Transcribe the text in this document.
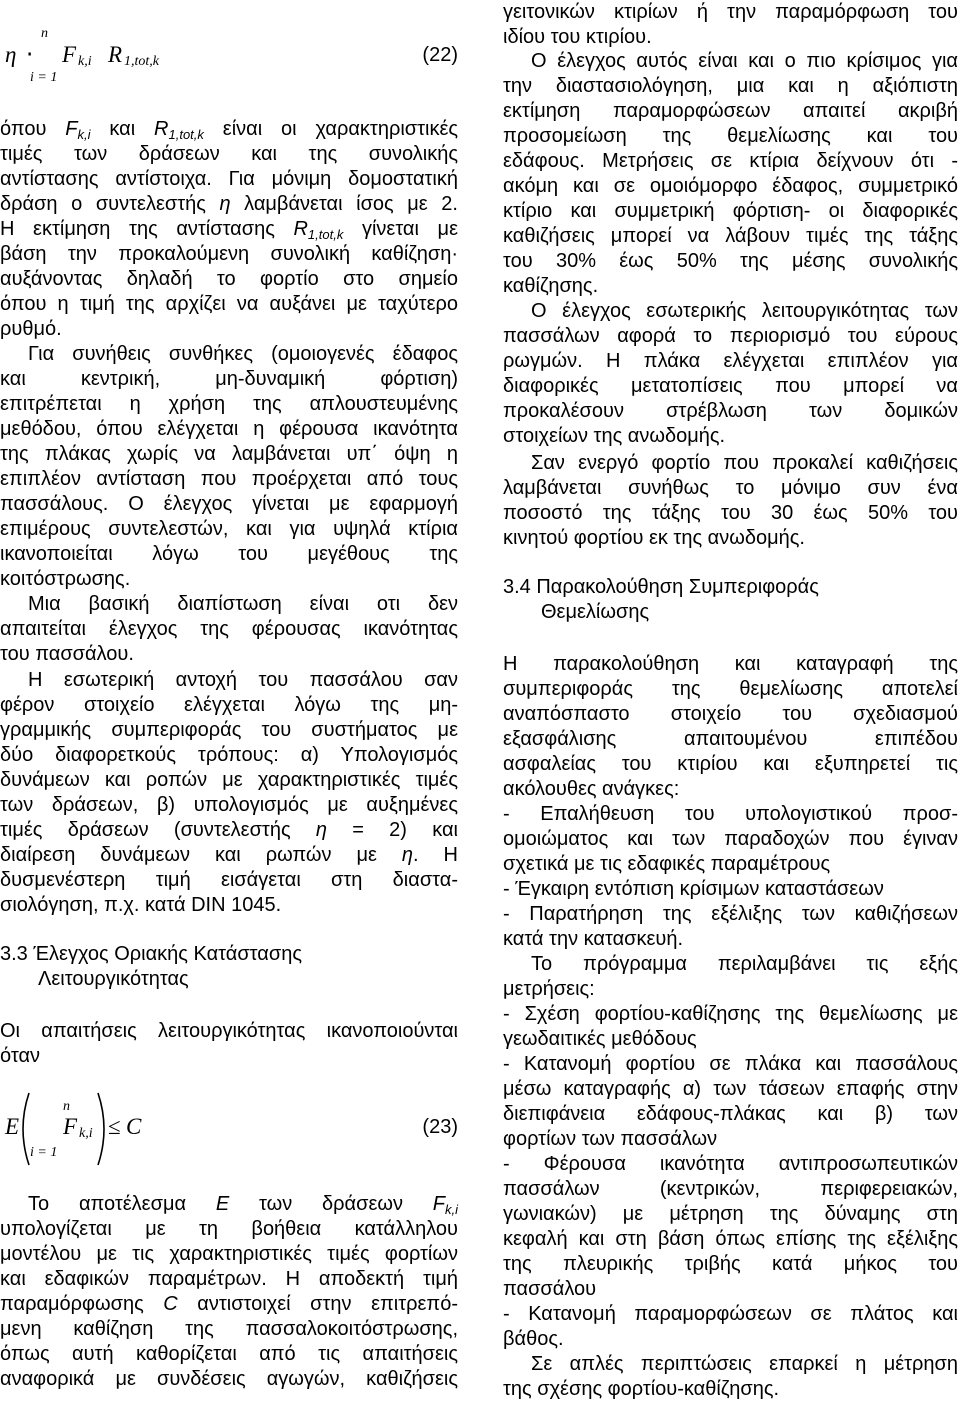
η ⋅
n
i = 1
F k,i R 1,tot,k	(22)
όπου $F_{k,i}$ και $R_{1,tot,k}$ είναι οι χαρακτηριστικές
τιμές των δράσεων και της συνολικής
αντίστασης αντίστοιχα. Για μόνιμη δομοστατική
δράση ο συντελεστής η λαμβάνεται ίσος με 2.
Η εκτίμηση της αντίστασης $R_{1,tot,k}$ γίνεται με
βάση την προκαλούμενη συνολική καθίζηση·
αυξάνοντας δηλαδή το φορτίο στο σημείο
όπου η τιμή της αρχίζει να αυξάνει με ταχύτερο
ρυθμό.
Για συνήθεις συνθήκες (ομοιογενές έδαφος
και κεντρική, μη-δυναμική φόρτιση)
επιτρέπεται η χρήση της απλουστευμένης
μεθόδου, όπου ελέγχεται η φέρουσα ικανότητα
της πλάκας χωρίς να λαμβάνεται υπ΄ όψη η
επιπλέον αντίσταση που προέρχεται από τους
πασσάλους. Ο έλεγχος γίνεται με εφαρμογή
επιμέρους συντελεστών, και για υψηλά κτίρια
ικανοποιείται λόγω του μεγέθους της
κοιτόστρωσης.
Μια βασική διαπίστωση είναι οτι δεν
απαιτείται έλεγχος της φέρουσας ικανότητας
του πασσάλου.
Η εσωτερική αντοχή του πασσάλου σαν
φέρον στοιχείο ελέγχεται λόγω της μη-
γραμμικής συμπεριφοράς του συστήματος με
δύο διαφορετκούς τρόπους: α) Υπολογισμός
δυνάμεων και ροπών με χαρακτηριστικές τιμές
των δράσεων, β) υπολογισμός με αυξημένες
τιμές δράσεων (συντελεστής η = 2) και
διαίρεση δυνάμεων και ρωπών με η. Η
δυσμενέστερη τιμή εισάγεται στη διαστα-
σιολόγηση, π.χ. κατά DIN 1045.
3.3 Έλεγχος Οριακής Κατάστασης
Λειτουργικότητας
Οι απαιτήσεις λειτουργικότητας ικανοποιούνται
όταν
E
n
i = 1
F k,i ≤ C	(23)
Το αποτέλεσμα E των δράσεων $F_{k,i}$
υπολογίζεται με τη βοήθεια κατάλληλου
μοντέλου με τις χαρακτηριστικές τιμές φορτίων
και εδαφικών παραμέτρων. Η αποδεκτή τιμή
παραμόρφωσης C αντιστοιχεί στην επιτρεπό-
μενη καθίζηση της πασσαλοκοιτόστρωσης,
όπως αυτή καθορίζεται από τις απαιτήσεις
αναφορικά με συνδέσεις αγωγών, καθιζήσεις
γειτονικών κτιρίων ή την παραμόρφωση του
ιδίου του κτιρίου.
Ο έλεγχος αυτός είναι και ο πιο κρίσιμος για
την διαστασιολόγηση, μια και η αξιόπιστη
εκτίμηση παραμορφώσεων απαιτεί ακριβή
προσομείωση της θεμελίωσης και του
εδάφους. Μετρήσεις σε κτίρια δείχνουν ότι -
ακόμη και σε ομοιόμορφο έδαφος, συμμετρικό
κτίριο και συμμετρική φόρτιση- οι διαφορικές
καθιζήσεις μπορεί να λάβουν τιμές της τάξης
του 30% έως 50% της μέσης συνολικής
καθίζησης.
Ο έλεγχος εσωτερικής λειτουργικότητας των
πασσάλων αφορά το περιορισμό του εύρους
ρωγμών. Η πλάκα ελέγχεται επιπλέον για
διαφορικές μετατοπίσεις που μπορεί να
προκαλέσουν στρέβλωση των δομικών
στοιχείων της ανωδομής.
Σαν ενεργό φορτίο που προκαλεί καθιζήσεις
λαμβάνεται συνήθως το μόνιμο συν ένα
ποσοστό της τάξης του 30 έως 50% του
κινητού φορτίου εκ της ανωδομής.
3.4 Παρακολούθηση Συμπεριφοράς
Θεμελίωσης
Η παρακολούθηση και καταγραφή της
συμπεριφοράς της θεμελίωσης αποτελεί
αναπόσπαστο στοιχείο του σχεδιασμού
εξασφάλισης απαιτουμένου επιπέδου
ασφαλείας του κτιρίου και εξυπηρετεί τις
ακόλουθες ανάγκες:
- Επαλήθευση του υπολογιστικού προσ-
ομοιώματος και των παραδοχών που έγιναν
σχετικά με τις εδαφικές παραμέτρους
- Έγκαιρη εντόπιση κρίσιμων καταστάσεων
- Παρατήρηση της εξέλιξης των καθιζήσεων
κατά την κατασκευή.
Το πρόγραμμα περιλαμβάνει τις εξής
μετρήσεις:
- Σχέση φορτίου-καθίζησης της θεμελίωσης με
γεωδαιτικές μεθόδους
- Κατανομή φορτίου σε πλάκα και πασσάλους
μέσω καταγραφής α) των τάσεων επαφής στην
διεπιφάνεια εδάφους-πλάκας και β) των
φορτίων των πασσάλων
- Φέρουσα ικανότητα αντιπροσωπευτικών
πασσάλων (κεντρικών, περιφερειακών,
γωνιακών) με μέτρηση της δύναμης στη
κεφαλή και στη βάση όπως επίσης της εξέλιξης
της πλευρικής τριβής κατά μήκος του
πασσάλου
- Κατανομή παραμορφώσεων σε πλάτος και
βάθος.
Σε απλές περιπτώσεις επαρκεί η μέτρηση
της σχέσης φορτίου-καθίζησης.
